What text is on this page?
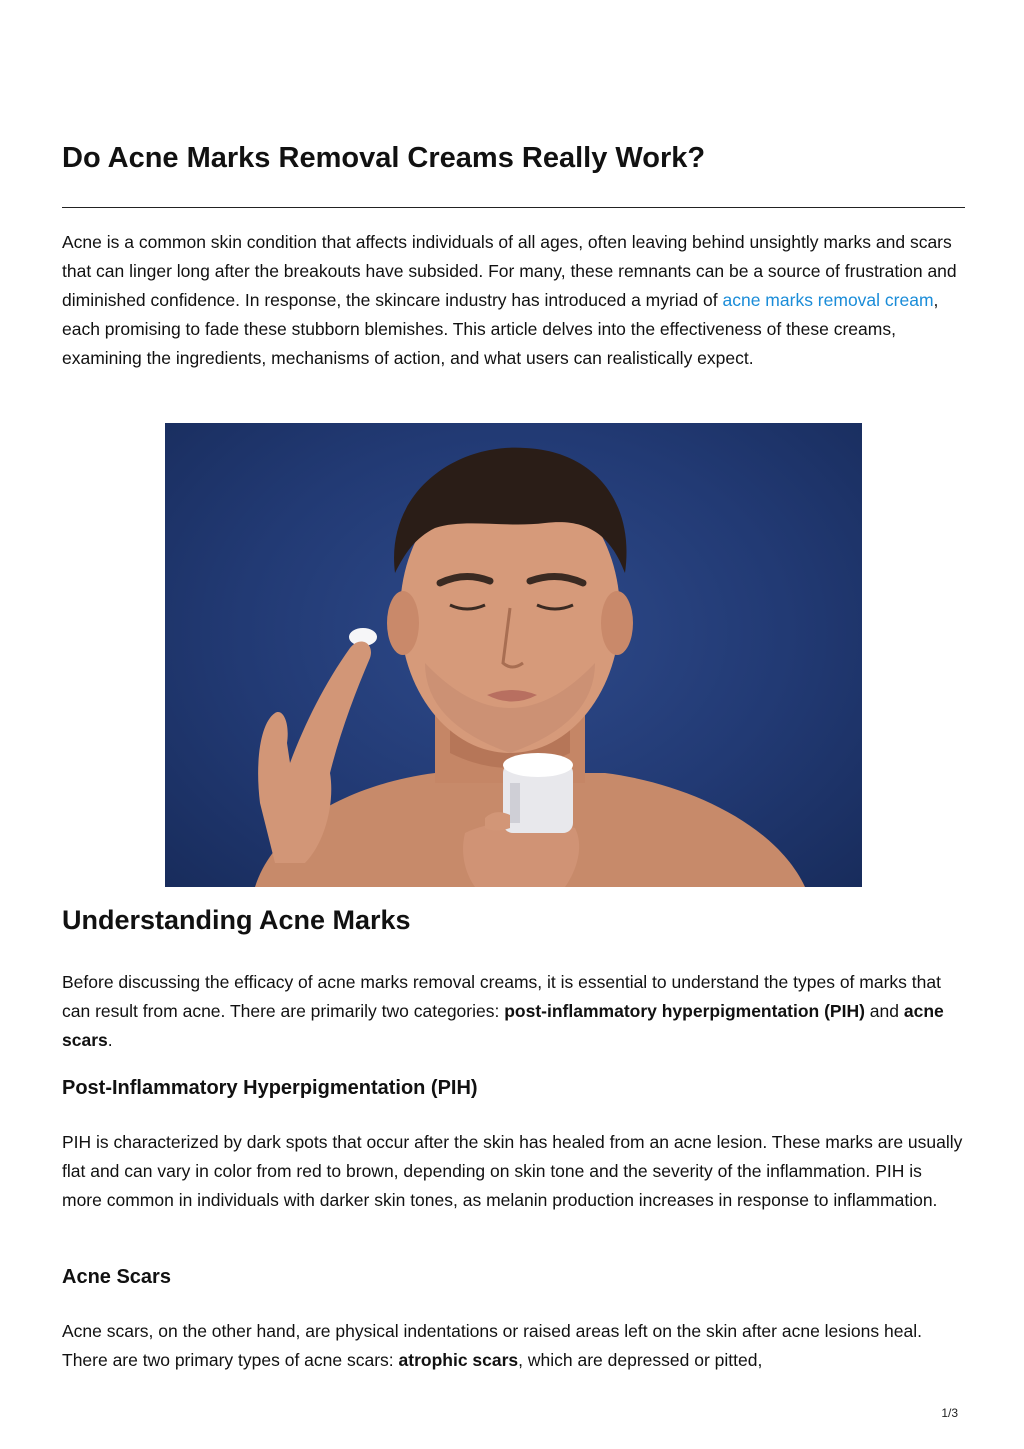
Do Acne Marks Removal Creams Really Work?

Acne is a common skin condition that affects individuals of all ages, often leaving behind unsightly marks and scars that can linger long after the breakouts have subsided. For many, these remnants can be a source of frustration and diminished confidence. In response, the skincare industry has introduced a myriad of acne marks removal cream, each promising to fade these stubborn blemishes. This article delves into the effectiveness of these creams, examining the ingredients, mechanisms of action, and what users can realistically expect.

Understanding Acne Marks

Before discussing the efficacy of acne marks removal creams, it is essential to understand the types of marks that can result from acne. There are primarily two categories: post-inflammatory hyperpigmentation (PIH) and acne scars.

Post-Inflammatory Hyperpigmentation (PIH)

PIH is characterized by dark spots that occur after the skin has healed from an acne lesion. These marks are usually flat and can vary in color from red to brown, depending on skin tone and the severity of the inflammation. PIH is more common in individuals with darker skin tones, as melanin production increases in response to inflammation.

Acne Scars

Acne scars, on the other hand, are physical indentations or raised areas left on the skin after acne lesions heal. There are two primary types of acne scars: atrophic scars, which are depressed or pitted,

1/3
